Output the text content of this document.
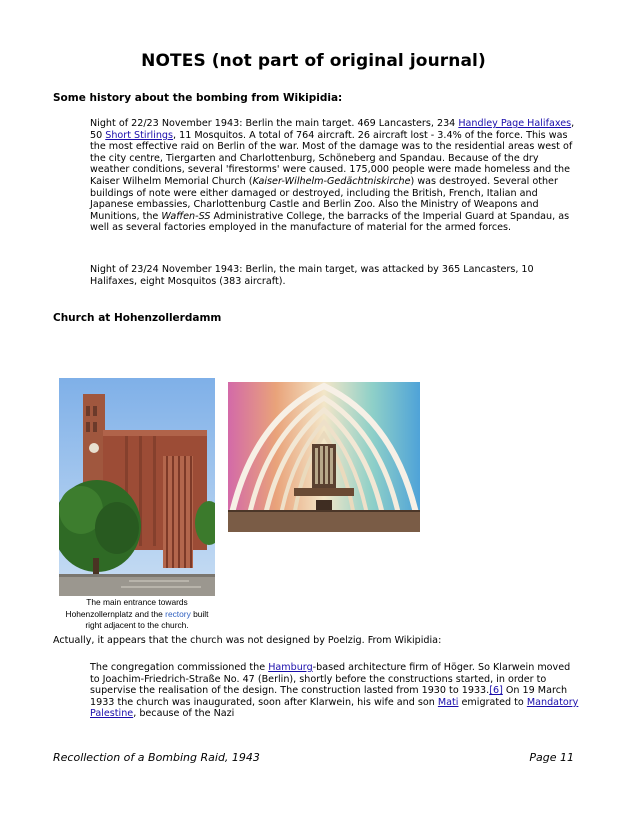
NOTES (not part of original journal)
Some history about the bombing from Wikipidia:
Night of 22/23 November 1943: Berlin the main target. 469 Lancasters, 234 Handley Page Halifaxes, 50 Short Stirlings, 11 Mosquitos. A total of 764 aircraft. 26 aircraft lost - 3.4% of the force. This was the most effective raid on Berlin of the war. Most of the damage was to the residential areas west of the city centre, Tiergarten and Charlottenburg, Schöneberg and Spandau. Because of the dry weather conditions, several 'firestorms' were caused. 175,000 people were made homeless and the Kaiser Wilhelm Memorial Church (Kaiser-Wilhelm-Gedächtniskirche) was destroyed. Several other buildings of note were either damaged or destroyed, including the British, French, Italian and Japanese embassies, Charlottenburg Castle and Berlin Zoo. Also the Ministry of Weapons and Munitions, the Waffen-SS Administrative College, the barracks of the Imperial Guard at Spandau, as well as several factories employed in the manufacture of material for the armed forces.
Night of 23/24 November 1943: Berlin, the main target, was attacked by 365 Lancasters, 10 Halifaxes, eight Mosquitos (383 aircraft).
Church at Hohenzollerdamm
The main entrance towards Hohenzollernplatz and the rectory built right adjacent to the church.
Actually, it appears that the church was not designed by Poelzig. From Wikipidia:
The congregation commissioned the Hamburg-based architecture firm of Höger. So Klarwein moved to Joachim-Friedrich-Straße No. 47 (Berlin), shortly before the constructions started, in order to supervise the realisation of the design. The construction lasted from 1930 to 1933.[6] On 19 March 1933 the church was inaugurated, soon after Klarwein, his wife and son Mati emigrated to Mandatory Palestine, because of the Nazi
Recollection of a Bombing Raid, 1943	Page 11
